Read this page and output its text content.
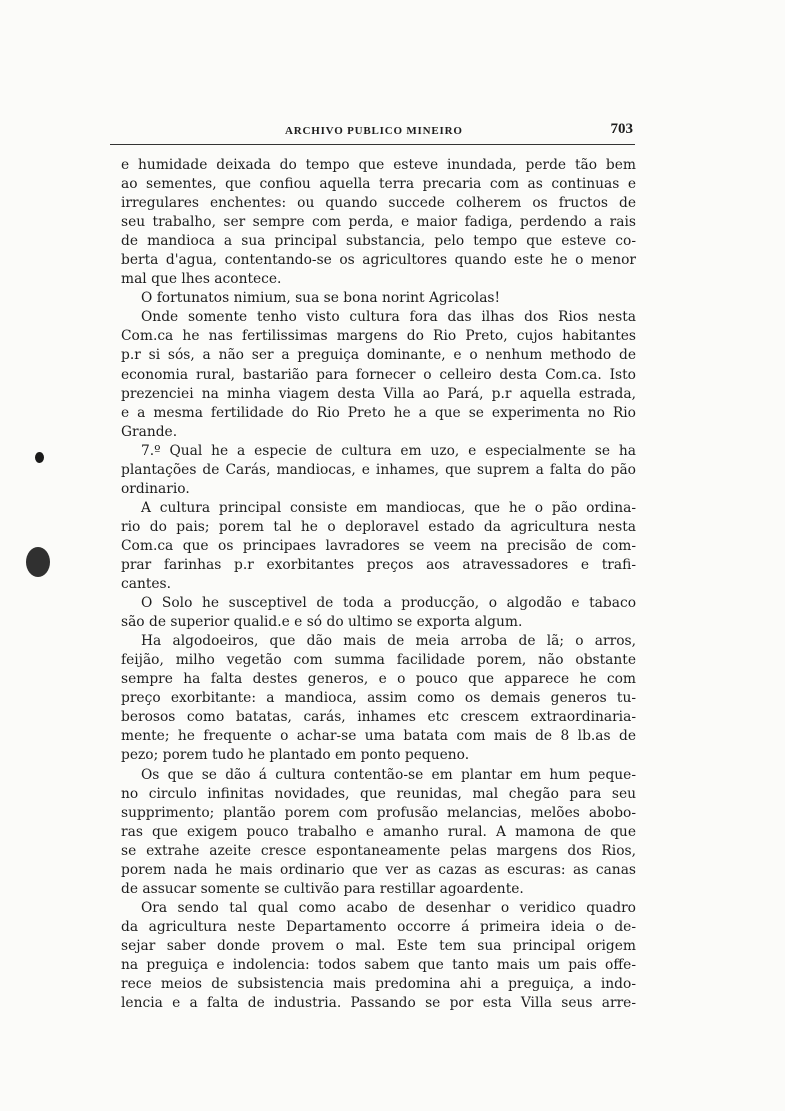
ARCHIVO PUBLICO MINEIRO	703
e humidade deixada do tempo que esteve inundada, perde tão bem
ao sementes, que confiou aquella terra precaria com as continuas e
irregulares enchentes: ou quando succede colherem os fructos de
seu trabalho, ser sempre com perda, e maior fadiga, perdendo a rais
de mandioca a sua principal substancia, pelo tempo que esteve co-
berta d'agua, contentando-se os agricultores quando este he o menor
mal que lhes acontece.
O fortunatos nimium, sua se bona norint Agricolas!
Onde somente tenho visto cultura fora das ilhas dos Rios nesta
Com.ca he nas fertilissimas margens do Rio Preto, cujos habitantes
p.r si sós, a não ser a preguiça dominante, e o nenhum methodo de
economia rural, bastarião para fornecer o celleiro desta Com.ca. Isto
prezenciei na minha viagem desta Villa ao Pará, p.r aquella estrada,
e a mesma fertilidade do Rio Preto he a que se experimenta no Rio
Grande.
7.º Qual he a especie de cultura em uzo, e especialmente se ha
plantações de Carás, mandiocas, e inhames, que suprem a falta do pão
ordinario.
A cultura principal consiste em mandiocas, que he o pão ordina-
rio do pais; porem tal he o deploravel estado da agricultura nesta
Com.ca que os principaes lavradores se veem na precisão de com-
prar farinhas p.r exorbitantes preços aos atravessadores e trafi-
cantes.
O Solo he susceptivel de toda a producção, o algodão e tabaco
são de superior qualid.e e só do ultimo se exporta algum.
Ha algodoeiros, que dão mais de meia arroba de lã; o arros,
feijão, milho vegetão com summa facilidade porem, não obstante
sempre ha falta destes generos, e o pouco que apparece he com
preço exorbitante: a mandioca, assim como os demais generos tu-
berosos como batatas, carás, inhames etc crescem extraordinaria-
mente; he frequente o achar-se uma batata com mais de 8 lb.as de
pezo; porem tudo he plantado em ponto pequeno.
Os que se dão á cultura contentão-se em plantar em hum peque-
no circulo infinitas novidades, que reunidas, mal chegão para seu
supprimento; plantão porem com profusão melancias, melões abobo-
ras que exigem pouco trabalho e amanho rural. A mamona de que
se extrahe azeite cresce espontaneamente pelas margens dos Rios,
porem nada he mais ordinario que ver as cazas as escuras: as canas
de assucar somente se cultivão para restillar agoardente.
Ora sendo tal qual como acabo de desenhar o veridico quadro
da agricultura neste Departamento occorre á primeira ideia o de-
sejar saber donde provem o mal. Este tem sua principal origem
na preguiça e indolencia: todos sabem que tanto mais um pais offe-
rece meios de subsistencia mais predomina ahi a preguiça, a indo-
lencia e a falta de industria. Passando se por esta Villa seus arre-
